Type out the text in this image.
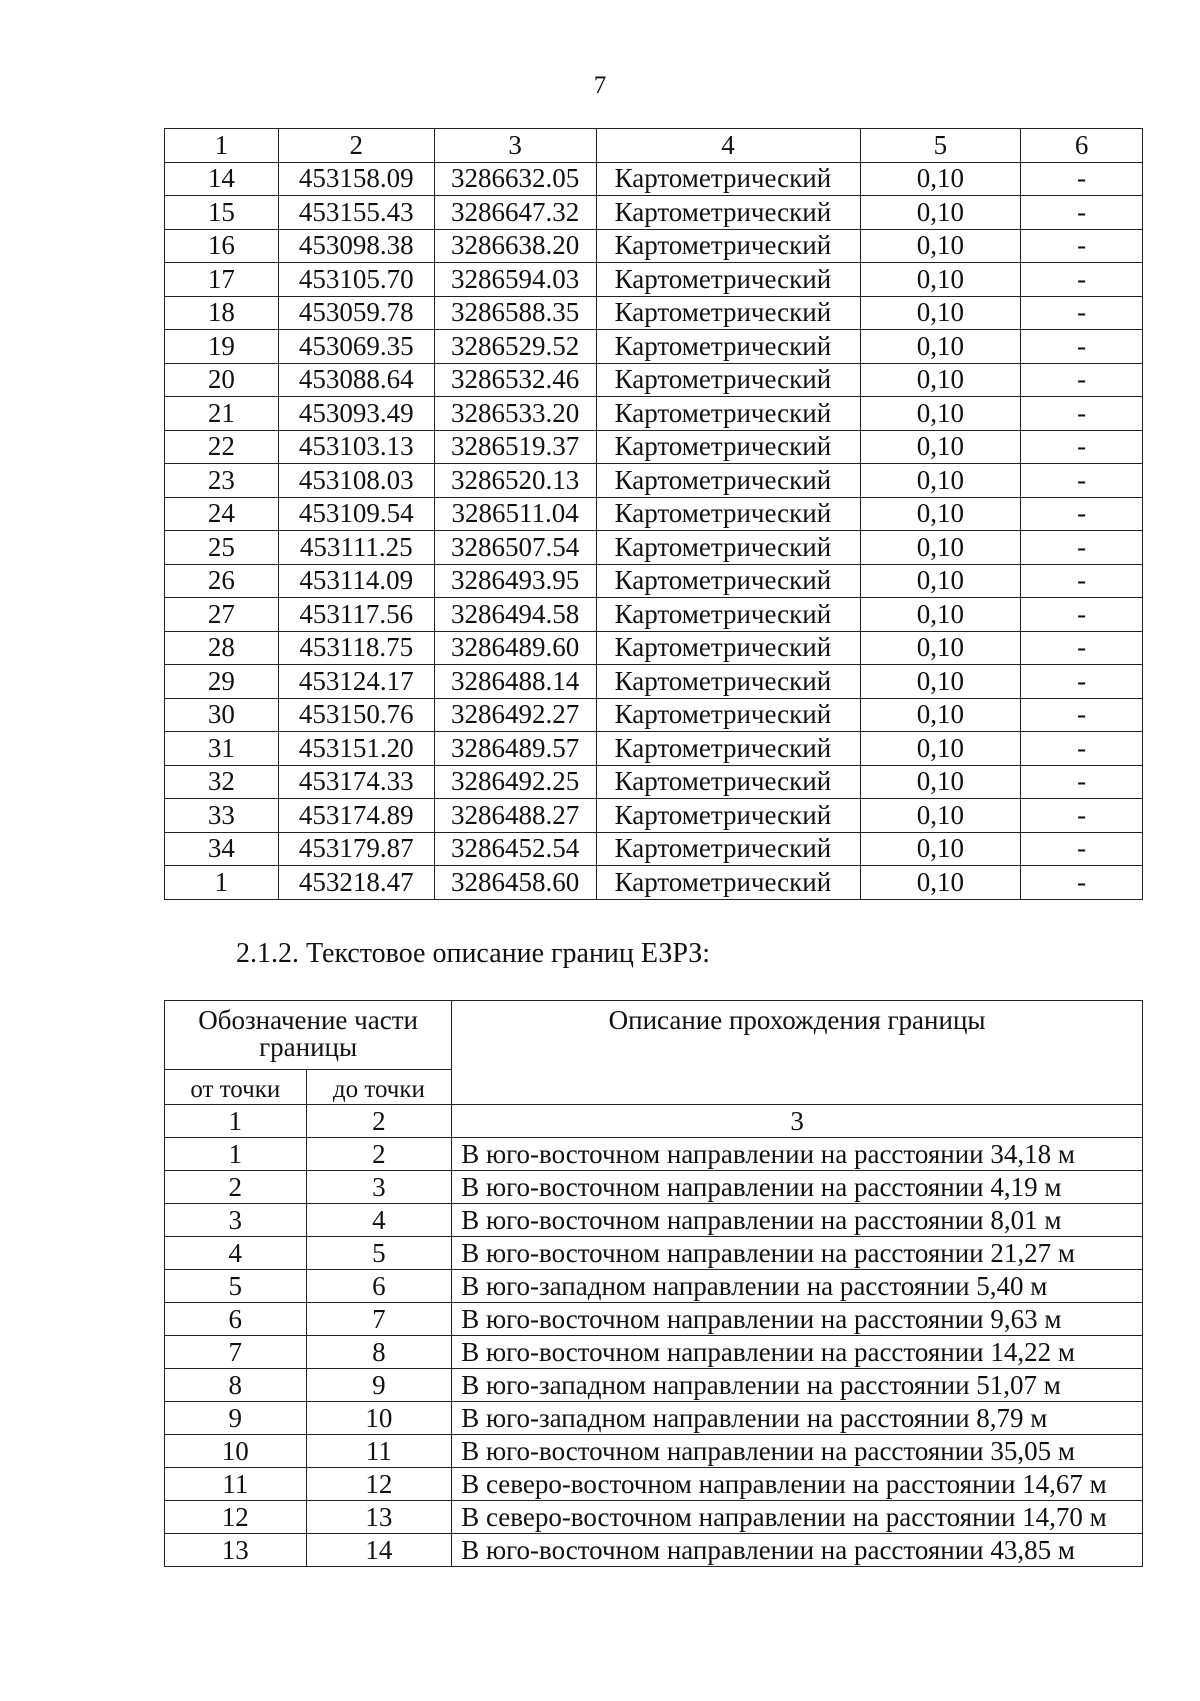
7
1	2	3	4	5	6
14	453158.09	3286632.05	Картометрический	0,10	-
15	453155.43	3286647.32	Картометрический	0,10	-
16	453098.38	3286638.20	Картометрический	0,10	-
17	453105.70	3286594.03	Картометрический	0,10	-
18	453059.78	3286588.35	Картометрический	0,10	-
19	453069.35	3286529.52	Картометрический	0,10	-
20	453088.64	3286532.46	Картометрический	0,10	-
21	453093.49	3286533.20	Картометрический	0,10	-
22	453103.13	3286519.37	Картометрический	0,10	-
23	453108.03	3286520.13	Картометрический	0,10	-
24	453109.54	3286511.04	Картометрический	0,10	-
25	453111.25	3286507.54	Картометрический	0,10	-
26	453114.09	3286493.95	Картометрический	0,10	-
27	453117.56	3286494.58	Картометрический	0,10	-
28	453118.75	3286489.60	Картометрический	0,10	-
29	453124.17	3286488.14	Картометрический	0,10	-
30	453150.76	3286492.27	Картометрический	0,10	-
31	453151.20	3286489.57	Картометрический	0,10	-
32	453174.33	3286492.25	Картометрический	0,10	-
33	453174.89	3286488.27	Картометрический	0,10	-
34	453179.87	3286452.54	Картометрический	0,10	-
1	453218.47	3286458.60	Картометрический	0,10	-
2.1.2. Текстовое описание границ ЕЗРЗ:
Обозначение части границы		Описание прохождения границы
от точки	до точки	
1	2	3
1	2	В юго-восточном направлении на расстоянии 34,18 м
2	3	В юго-восточном направлении на расстоянии 4,19 м
3	4	В юго-восточном направлении на расстоянии 8,01 м
4	5	В юго-восточном направлении на расстоянии 21,27 м
5	6	В юго-западном направлении на расстоянии 5,40 м
6	7	В юго-восточном направлении на расстоянии 9,63 м
7	8	В юго-восточном направлении на расстоянии 14,22 м
8	9	В юго-западном направлении на расстоянии 51,07 м
9	10	В юго-западном направлении на расстоянии 8,79 м
10	11	В юго-восточном направлении на расстоянии 35,05 м
11	12	В северо-восточном направлении на расстоянии 14,67 м
12	13	В северо-восточном направлении на расстоянии 14,70 м
13	14	В юго-восточном направлении на расстоянии 43,85 м
